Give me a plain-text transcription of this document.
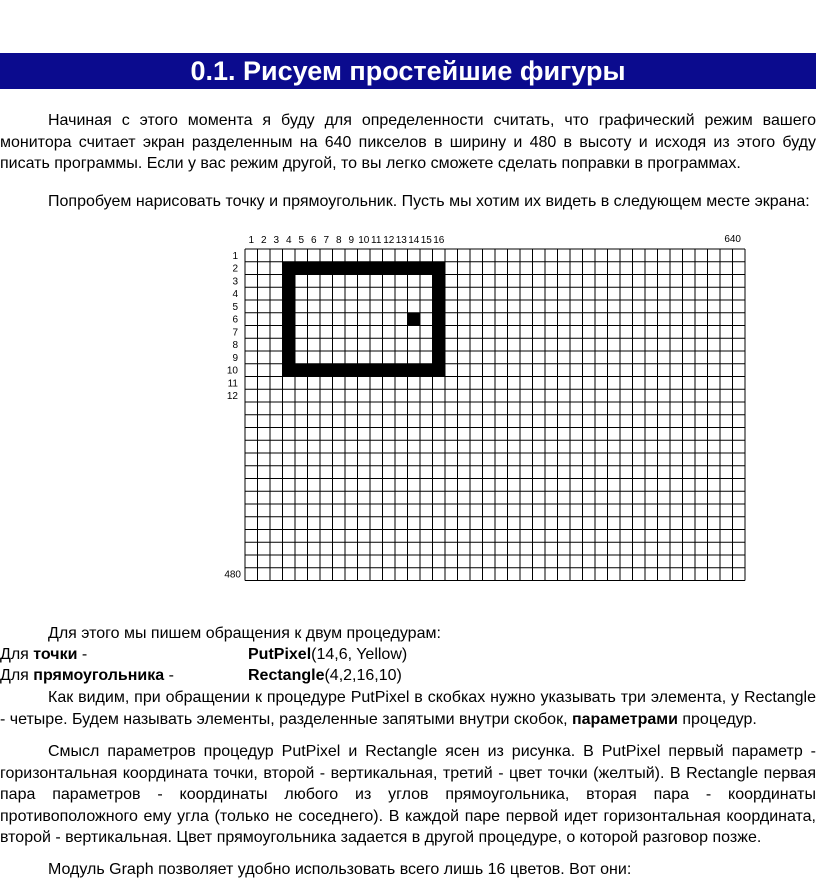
0.1. Рисуем простейшие фигуры

Начиная с этого момента я буду для определенности считать, что графический режим вашего монитора считает экран разделенным на 640 пикселов в ширину и 480 в высоту и исходя из этого буду писать программы. Если у вас режим другой, то вы легко сможете сделать поправки в программах.

Попробуем нарисовать точку и прямоугольник. Пусть мы хотим их видеть в следующем месте экрана:

1 2 3 4 5 6 7 8 9 10 11 12 13 14 15 16	640
1
2
3
4
5
6
7
8
9
10
11
12
480

Для этого мы пишем обращения к двум процедурам:

Для точки -	PutPixel(14,6, Yellow)
Для прямоугольника -	Rectangle(4,2,16,10)

Как видим, при обращении к процедуре PutPixel в скобках нужно указывать три элемента, у Rectangle - четыре. Будем называть элементы, разделенные запятыми внутри скобок, параметрами процедур.

Смысл параметров процедур PutPixel и Rectangle ясен из рисунка. В PutPixel первый параметр - горизонтальная координата точки, второй - вертикальная, третий - цвет точки (желтый). В Rectangle первая пара параметров - координаты любого из углов прямоугольника, вторая пара - координаты противоположного ему угла (только не соседнего). В каждой паре первой идет горизонтальная координата, второй - вертикальная. Цвет прямоугольника задается в другой процедуре, о которой разговор позже.

Модуль Graph позволяет удобно использовать всего лишь 16 цветов. Вот они:
